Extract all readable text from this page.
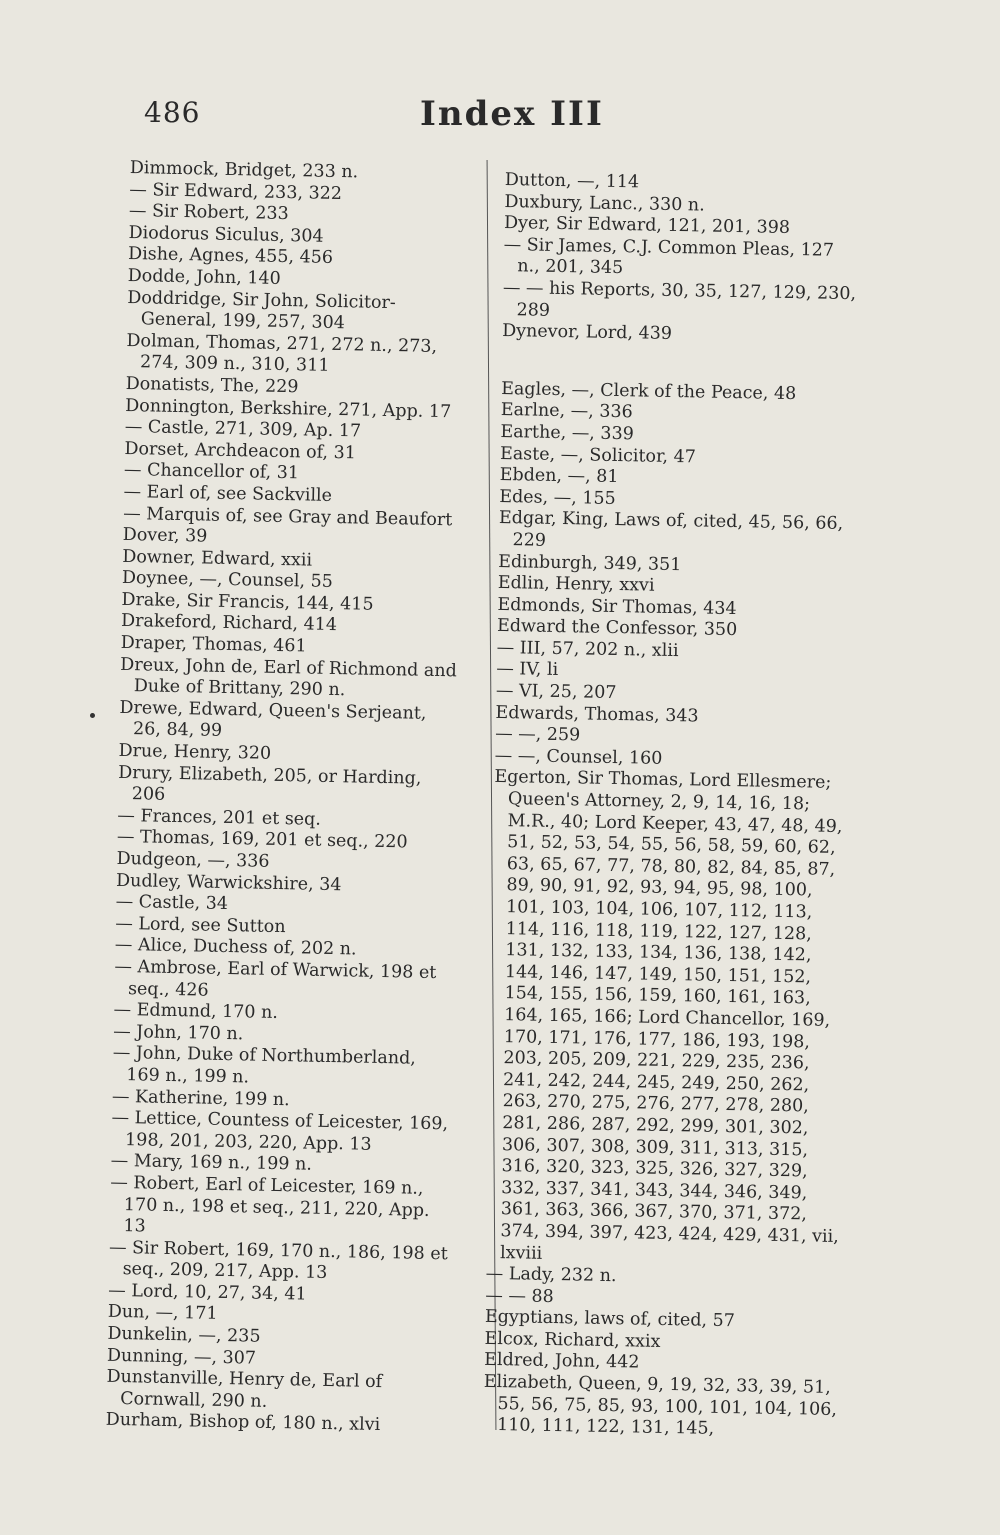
486	Index III

Dimmock, Bridget, 233 n.

— Sir Edward, 233, 322

— Sir Robert, 233

Diodorus Siculus, 304

Dishe, Agnes, 455, 456

Dodde, John, 140

Doddridge, Sir John, Solicitor-General, 199, 257, 304

Dolman, Thomas, 271, 272 n., 273, 274, 309 n., 310, 311

Donatists, The, 229

Donnington, Berkshire, 271, App. 17

— Castle, 271, 309, Ap. 17

Dorset, Archdeacon of, 31

— Chancellor of, 31

— Earl of, see Sackville

— Marquis of, see Gray and Beaufort

Dover, 39

Downer, Edward, xxii

Doynee, —, Counsel, 55

Drake, Sir Francis, 144, 415

Drakeford, Richard, 414

Draper, Thomas, 461

Dreux, John de, Earl of Richmond and Duke of Brittany, 290 n.

Drewe, Edward, Queen's Serjeant, 26, 84, 99

Drue, Henry, 320

Drury, Elizabeth, 205, or Harding, 206

— Frances, 201 et seq.

— Thomas, 169, 201 et seq., 220

Dudgeon, —, 336

Dudley, Warwickshire, 34

— Castle, 34

— Lord, see Sutton

— Alice, Duchess of, 202 n.

— Ambrose, Earl of Warwick, 198 et seq., 426

— Edmund, 170 n.

— John, 170 n.

— John, Duke of Northumberland, 169 n., 199 n.

— Katherine, 199 n.

— Lettice, Countess of Leicester, 169, 198, 201, 203, 220, App. 13

— Mary, 169 n., 199 n.

— Robert, Earl of Leicester, 169 n., 170 n., 198 et seq., 211, 220, App. 13

— Sir Robert, 169, 170 n., 186, 198 et seq., 209, 217, App. 13

— Lord, 10, 27, 34, 41

Dun, —, 171

Dunkelin, —, 235

Dunning, —, 307

Dunstanville, Henry de, Earl of Cornwall, 290 n.

Durham, Bishop of, 180 n., xlvi

Dutton, —, 114

Duxbury, Lanc., 330 n.

Dyer, Sir Edward, 121, 201, 398

— Sir James, C.J. Common Pleas, 127 n., 201, 345

— — his Reports, 30, 35, 127, 129, 230, 289

Dynevor, Lord, 439

Eagles, —, Clerk of the Peace, 48

Earlne, —, 336

Earthe, —, 339

Easte, —, Solicitor, 47

Ebden, —, 81

Edes, —, 155

Edgar, King, Laws of, cited, 45, 56, 66, 229

Edinburgh, 349, 351

Edlin, Henry, xxvi

Edmonds, Sir Thomas, 434

Edward the Confessor, 350

— III, 57, 202 n., xlii

— IV, li

— VI, 25, 207

Edwards, Thomas, 343

— —, 259

— —, Counsel, 160

Egerton, Sir Thomas, Lord Ellesmere; Queen's Attorney, 2, 9, 14, 16, 18; M.R., 40; Lord Keeper, 43, 47, 48, 49, 51, 52, 53, 54, 55, 56, 58, 59, 60, 62, 63, 65, 67, 77, 78, 80, 82, 84, 85, 87, 89, 90, 91, 92, 93, 94, 95, 98, 100, 101, 103, 104, 106, 107, 112, 113, 114, 116, 118, 119, 122, 127, 128, 131, 132, 133, 134, 136, 138, 142, 144, 146, 147, 149, 150, 151, 152, 154, 155, 156, 159, 160, 161, 163, 164, 165, 166; Lord Chancellor, 169, 170, 171, 176, 177, 186, 193, 198, 203, 205, 209, 221, 229, 235, 236, 241, 242, 244, 245, 249, 250, 262, 263, 270, 275, 276, 277, 278, 280, 281, 286, 287, 292, 299, 301, 302, 306, 307, 308, 309, 311, 313, 315, 316, 320, 323, 325, 326, 327, 329, 332, 337, 341, 343, 344, 346, 349, 361, 363, 366, 367, 370, 371, 372, 374, 394, 397, 423, 424, 429, 431, vii, lxviii

— Lady, 232 n.

— — 88

Egyptians, laws of, cited, 57

Elcox, Richard, xxix

Eldred, John, 442

Elizabeth, Queen, 9, 19, 32, 33, 39, 51, 55, 56, 75, 85, 93, 100, 101, 104, 106, 110, 111, 122, 131, 145,
